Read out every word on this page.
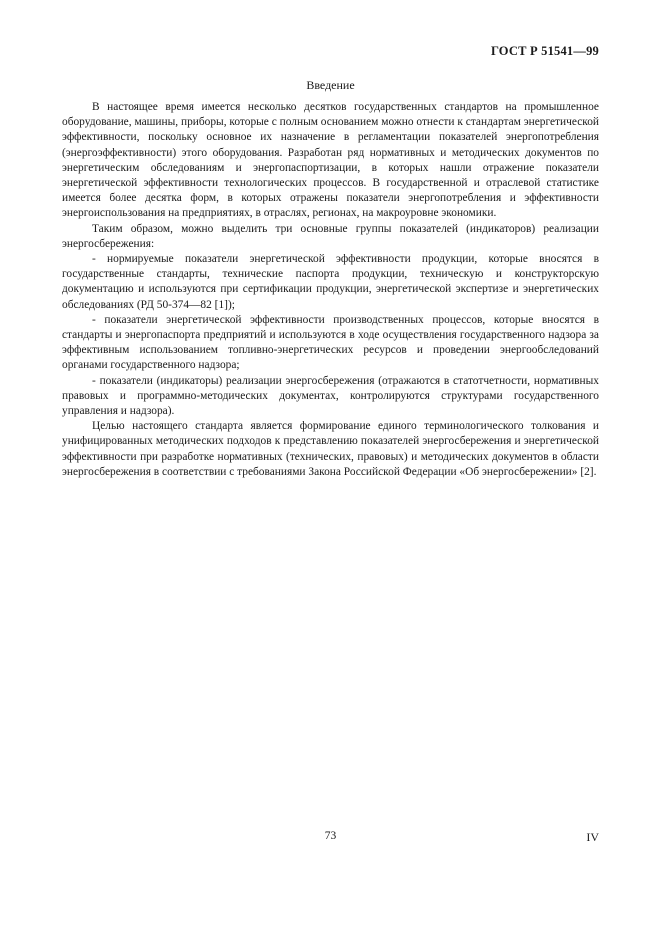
ГОСТ Р 51541—99
Введение

В настоящее время имеется несколько десятков государственных стандартов на промышленное оборудование, машины, приборы, которые с полным основанием можно отнести к стандартам энергетической эффективности, поскольку основное их назначение в регламентации показателей энергопотребления (энергоэффективности) этого оборудования. Разработан ряд нормативных и методических документов по энергетическим обследованиям и энергопаспортизации, в которых нашли отражение показатели энергетической эффективности технологических процессов. В государственной и отраслевой статистике имеется более десятка форм, в которых отражены показатели энергопотребления и эффективности энергоиспользования на предприятиях, в отраслях, регионах, на макроуровне экономики.

Таким образом, можно выделить три основные группы показателей (индикаторов) реализации энергосбережения:

- нормируемые показатели энергетической эффективности продукции, которые вносятся в государственные стандарты, технические паспорта продукции, техническую и конструкторскую документацию и используются при сертификации продукции, энергетической экспертизе и энергетических обследованиях (РД 50-374—82 [1]);

- показатели энергетической эффективности производственных процессов, которые вносятся в стандарты и энергопаспорта предприятий и используются в ходе осуществления государственного надзора за эффективным использованием топливно-энергетических ресурсов и проведении энергообследований органами государственного надзора;

- показатели (индикаторы) реализации энергосбережения (отражаются в статотчетности, нормативных правовых и программно-методических документах, контролируются структурами государственного управления и надзора).

Целью настоящего стандарта является формирование единого терминологического толкования и унифицированных методических подходов к представлению показателей энергосбережения и энергетической эффективности при разработке нормативных (технических, правовых) и методических документов в области энергосбережения в соответствии с требованиями Закона Российской Федерации «Об энергосбережении» [2].

73	IV
